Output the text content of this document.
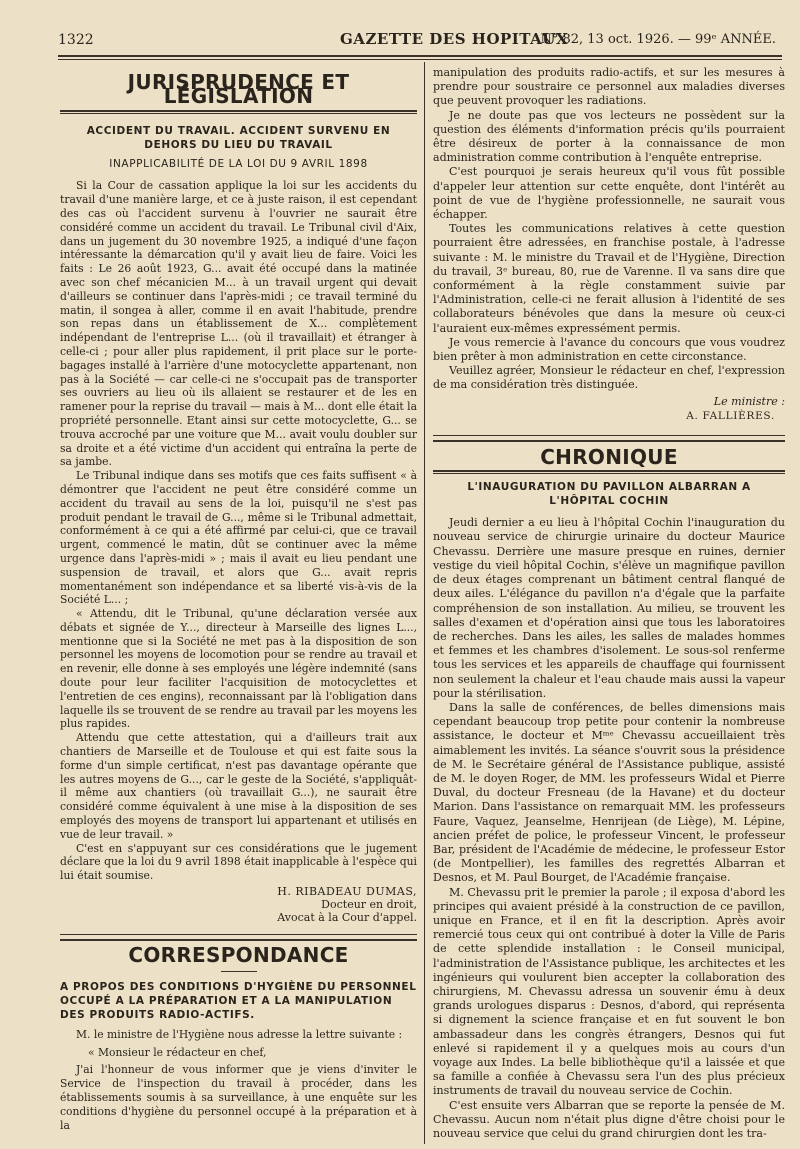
1322	GAZETTE DES HOPITAUX
N° 82, 13 oct. 1926. — 99ᵉ ANNÉE.
JURISPRUDENCE ET LÉGISLATION
ACCIDENT DU TRAVAIL. ACCIDENT SURVENU EN DEHORS DU LIEU DU TRAVAIL
INAPPLICABILITÉ DE LA LOI DU 9 AVRIL 1898

Si la Cour de cassation applique la loi sur les accidents du travail d'une manière large, et ce à juste raison, il est cependant des cas où l'accident survenu à l'ouvrier ne saurait être considéré comme un accident du travail. Le Tribunal civil d'Aix, dans un jugement du 30 novembre 1925, a indiqué d'une façon intéressante la démarcation qu'il y avait lieu de faire. Voici les faits : Le 26 août 1923, G... avait été occupé dans la matinée avec son chef mécanicien M... à un travail urgent qui devait d'ailleurs se continuer dans l'après-midi ; ce travail terminé du matin, il songea à aller, comme il en avait l'habitude, prendre son repas dans un établissement de X... complètement indépendant de l'entreprise L... (où il travaillait) et étranger à celle-ci ; pour aller plus rapidement, il prit place sur le porte-bagages installé à l'arrière d'une motocyclette appartenant, non pas à la Société — car celle-ci ne s'occupait pas de transporter ses ouvriers au lieu où ils allaient se restaurer et de les en ramener pour la reprise du travail — mais à M... dont elle était la propriété personnelle. Etant ainsi sur cette motocyclette, G... se trouva accroché par une voiture que M... avait voulu doubler sur sa droite et a été victime d'un accident qui entraîna la perte de sa jambe.

Le Tribunal indique dans ses motifs que ces faits suffisent « à démontrer que l'accident ne peut être considéré comme un accident du travail au sens de la loi, puisqu'il ne s'est pas produit pendant le travail de G..., même si le Tribunal admettait, conformément à ce qui a été affirmé par celui-ci, que ce travail urgent, commencé le matin, dût se continuer avec la même urgence dans l'après-midi » ; mais il avait eu lieu pendant une suspension de travail, et alors que G... avait repris momentanément son indépendance et sa liberté vis-à-vis de la Société L... ;

« Attendu, dit le Tribunal, qu'une déclaration versée aux débats et signée de Y..., directeur à Marseille des lignes L..., mentionne que si la Société ne met pas à la disposition de son personnel les moyens de locomotion pour se rendre au travail et en revenir, elle donne à ses employés une légère indemnité (sans doute pour leur faciliter l'acquisition de motocyclettes et l'entretien de ces engins), reconnaissant par là l'obligation dans laquelle ils se trouvent de se rendre au travail par les moyens les plus rapides.

Attendu que cette attestation, qui a d'ailleurs trait aux chantiers de Marseille et de Toulouse et qui est faite sous la forme d'un simple certificat, n'est pas davantage opérante que les autres moyens de G..., car le geste de la Société, s'appliquât-il même aux chantiers (où travaillait G...), ne saurait être considéré comme équivalent à une mise à la disposition de ses employés des moyens de transport lui appartenant et utilisés en vue de leur travail. »

C'est en s'appuyant sur ces considérations que le jugement déclare que la loi du 9 avril 1898 était inapplicable à l'espèce qui lui était soumise.

H. RIBADEAU DUMAS,
Docteur en droit,
Avocat à la Cour d'appel.
CORRESPONDANCE
A PROPOS DES CONDITIONS D'HYGIÈNE DU PERSONNEL OCCUPÉ A LA PRÉPARATION ET A LA MANIPULATION DES PRODUITS RADIO-ACTIFS.

M. le ministre de l'Hygiène nous adresse la lettre suivante :

« Monsieur le rédacteur en chef,

J'ai l'honneur de vous informer que je viens d'inviter le Service de l'inspection du travail à procéder, dans les établissements soumis à sa surveillance, à une enquête sur les conditions d'hygiène du personnel occupé à la préparation et à la

manipulation des produits radio-actifs, et sur les mesures à prendre pour soustraire ce personnel aux maladies diverses que peuvent provoquer les radiations.

Je ne doute pas que vos lecteurs ne possèdent sur la question des éléments d'information précis qu'ils pourraient être désireux de porter à la connaissance de mon administration comme contribution à l'enquête entreprise.

C'est pourquoi je serais heureux qu'il vous fût possible d'appeler leur attention sur cette enquête, dont l'intérêt au point de vue de l'hygiène professionnelle, ne saurait vous échapper.

Toutes les communications relatives à cette question pourraient être adressées, en franchise postale, à l'adresse suivante : M. le ministre du Travail et de l'Hygiène, Direction du travail, 3ᵉ bureau, 80, rue de Varenne. Il va sans dire que conformément à la règle constamment suivie par l'Administration, celle-ci ne ferait allusion à l'identité de ses collaborateurs bénévoles que dans la mesure où ceux-ci l'auraient eux-mêmes expressément permis.

Je vous remercie à l'avance du concours que vous voudrez bien prêter à mon administration en cette circonstance.

Veuillez agréer, Monsieur le rédacteur en chef, l'expression de ma considération très distinguée.

Le ministre :
A. FALLIÈRES.
CHRONIQUE
L'INAUGURATION DU PAVILLON ALBARRAN A L'HÔPITAL COCHIN

Jeudi dernier a eu lieu à l'hôpital Cochin l'inauguration du nouveau service de chirurgie urinaire du docteur Maurice Chevassu. Derrière une masure presque en ruines, dernier vestige du vieil hôpital Cochin, s'élève un magnifique pavillon de deux étages comprenant un bâtiment central flanqué de deux ailes. L'élégance du pavillon n'a d'égale que la parfaite compréhension de son installation. Au milieu, se trouvent les salles d'examen et d'opération ainsi que tous les laboratoires de recherches. Dans les ailes, les salles de malades hommes et femmes et les chambres d'isolement. Le sous-sol renferme tous les services et les appareils de chauffage qui fournissent non seulement la chaleur et l'eau chaude mais aussi la vapeur pour la stérilisation.

Dans la salle de conférences, de belles dimensions mais cependant beaucoup trop petite pour contenir la nombreuse assistance, le docteur et Mᵐᵉ Chevassu accueillaient très aimablement les invités. La séance s'ouvrit sous la présidence de M. le Secrétaire général de l'Assistance publique, assisté de M. le doyen Roger, de MM. les professeurs Widal et Pierre Duval, du docteur Fresneau (de la Havane) et du docteur Marion. Dans l'assistance on remarquait MM. les professeurs Faure, Vaquez, Jeanselme, Henrijean (de Liège), M. Lépine, ancien préfet de police, le professeur Vincent, le professeur Bar, président de l'Académie de médecine, le professeur Estor (de Montpellier), les familles des regrettés Albarran et Desnos, et M. Paul Bourget, de l'Académie française.

M. Chevassu prit le premier la parole ; il exposa d'abord les principes qui avaient présidé à la construction de ce pavillon, unique en France, et il en fit la description. Après avoir remercié tous ceux qui ont contribué à doter la Ville de Paris de cette splendide installation : le Conseil municipal, l'administration de l'Assistance publique, les architectes et les ingénieurs qui voulurent bien accepter la collaboration des chirurgiens, M. Chevassu adressa un souvenir ému à deux grands urologues disparus : Desnos, d'abord, qui représenta si dignement la science française et en fut souvent le bon ambassadeur dans les congrès étrangers, Desnos qui fut enlevé si rapidement il y a quelques mois au cours d'un voyage aux Indes. La belle bibliothèque qu'il a laissée et que sa famille a confiée à Chevassu sera l'un des plus précieux instruments de travail du nouveau service de Cochin.

C'est ensuite vers Albarran que se reporte la pensée de M. Chevassu. Aucun nom n'était plus digne d'être choisi pour le nouveau service que celui du grand chirurgien dont les tra-
